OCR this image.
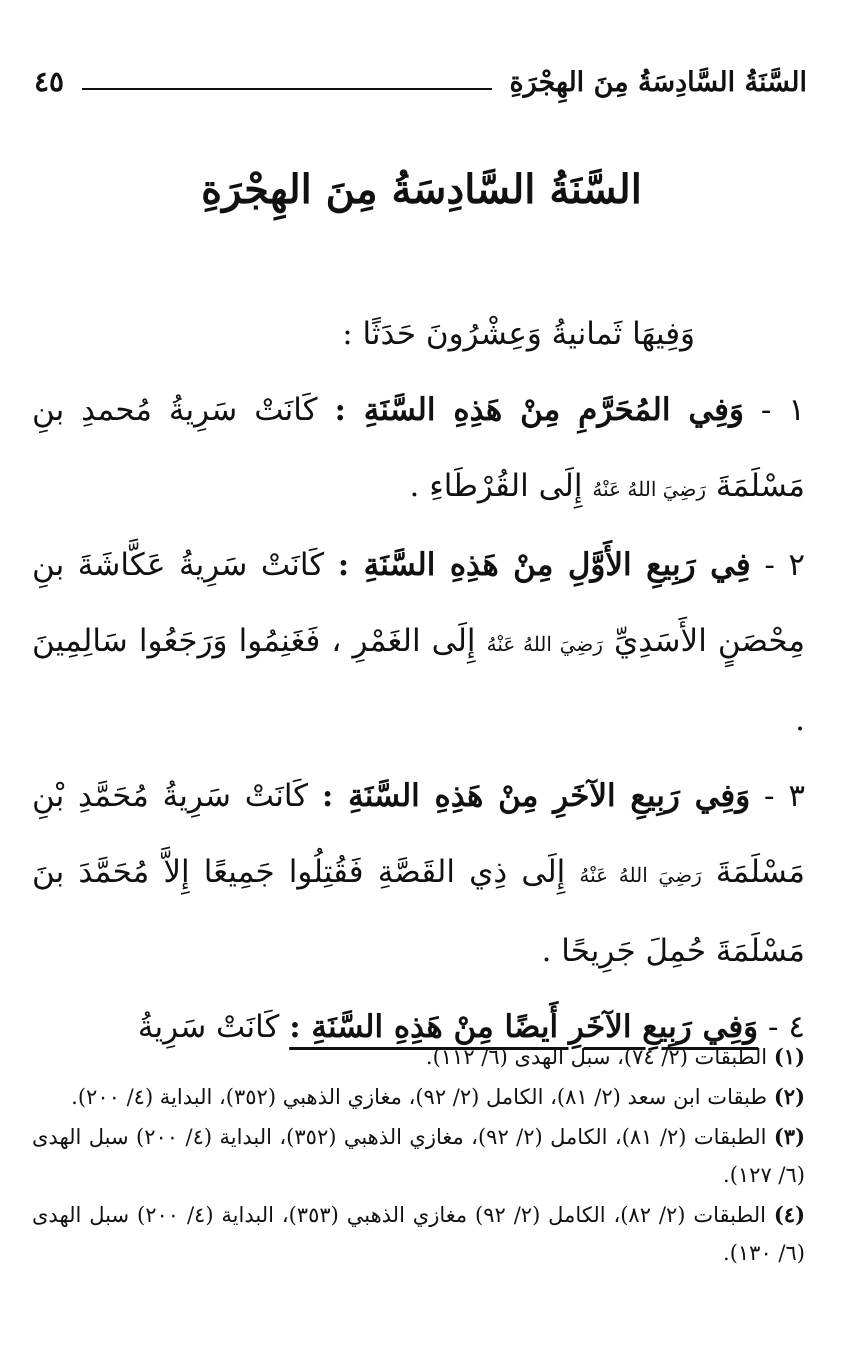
السَّنَةُ السَّادِسَةُ مِنَ الهِجْرَةِ
٤٥
السَّنَةُ السَّادِسَةُ مِنَ الهِجْرَةِ

وَفِيهَا ثَمانيةُ وَعِشْرُونَ حَدَثًا :

١ - وَفِي المُحَرَّمِ مِنْ هَذِهِ السَّنَةِ : كَانَتْ سَرِيةُ مُحمدِ بنِ مَسْلَمَةَ رَضِيَ اللهُ عَنْهُ إِلَى القُرْطَاءِ .

٢ - فِي رَبِيعِ الأَوَّلِ مِنْ هَذِهِ السَّنَةِ : كَانَتْ سَرِيةُ عَكَّاشَةَ بنِ مِحْصَنٍ الأَسَدِيِّ رَضِيَ اللهُ عَنْهُ إِلَى الغَمْرِ ، فَغَنِمُوا وَرَجَعُوا سَالِمِينَ .

٣ - وَفِي رَبِيعِ الآخَرِ مِنْ هَذِهِ السَّنَةِ : كَانَتْ سَرِيةُ مُحَمَّدِ بْنِ مَسْلَمَةَ رَضِيَ اللهُ عَنْهُ إِلَى ذِي القَصَّةِ فَقُتِلُوا جَمِيعًا إِلاَّ مُحَمَّدَ بنَ مَسْلَمَةَ حُمِلَ جَرِيحًا .

٤ - وَفِي رَبِيعِ الآخَرِ أَيضًا مِنْ هَذِهِ السَّنَةِ : كَانَتْ سَرِيةُ

(١) الطبقات (٢/ ٧٤)، سبل الهدى (٦/ ١١٢).

(٢) طبقات ابن سعد (٢/ ٨١)، الكامل (٢/ ٩٢)، مغازي الذهبي (٣٥٢)، البداية (٤/ ٢٠٠).

(٣) الطبقات (٢/ ٨١)، الكامل (٢/ ٩٢)، مغازي الذهبي (٣٥٢)، البداية (٤/ ٢٠٠) سبل الهدى (٦/ ١٢٧).

(٤) الطبقات (٢/ ٨٢)، الكامل (٢/ ٩٢) مغازي الذهبي (٣٥٣)، البداية (٤/ ٢٠٠) سبل الهدى (٦/ ١٣٠).
